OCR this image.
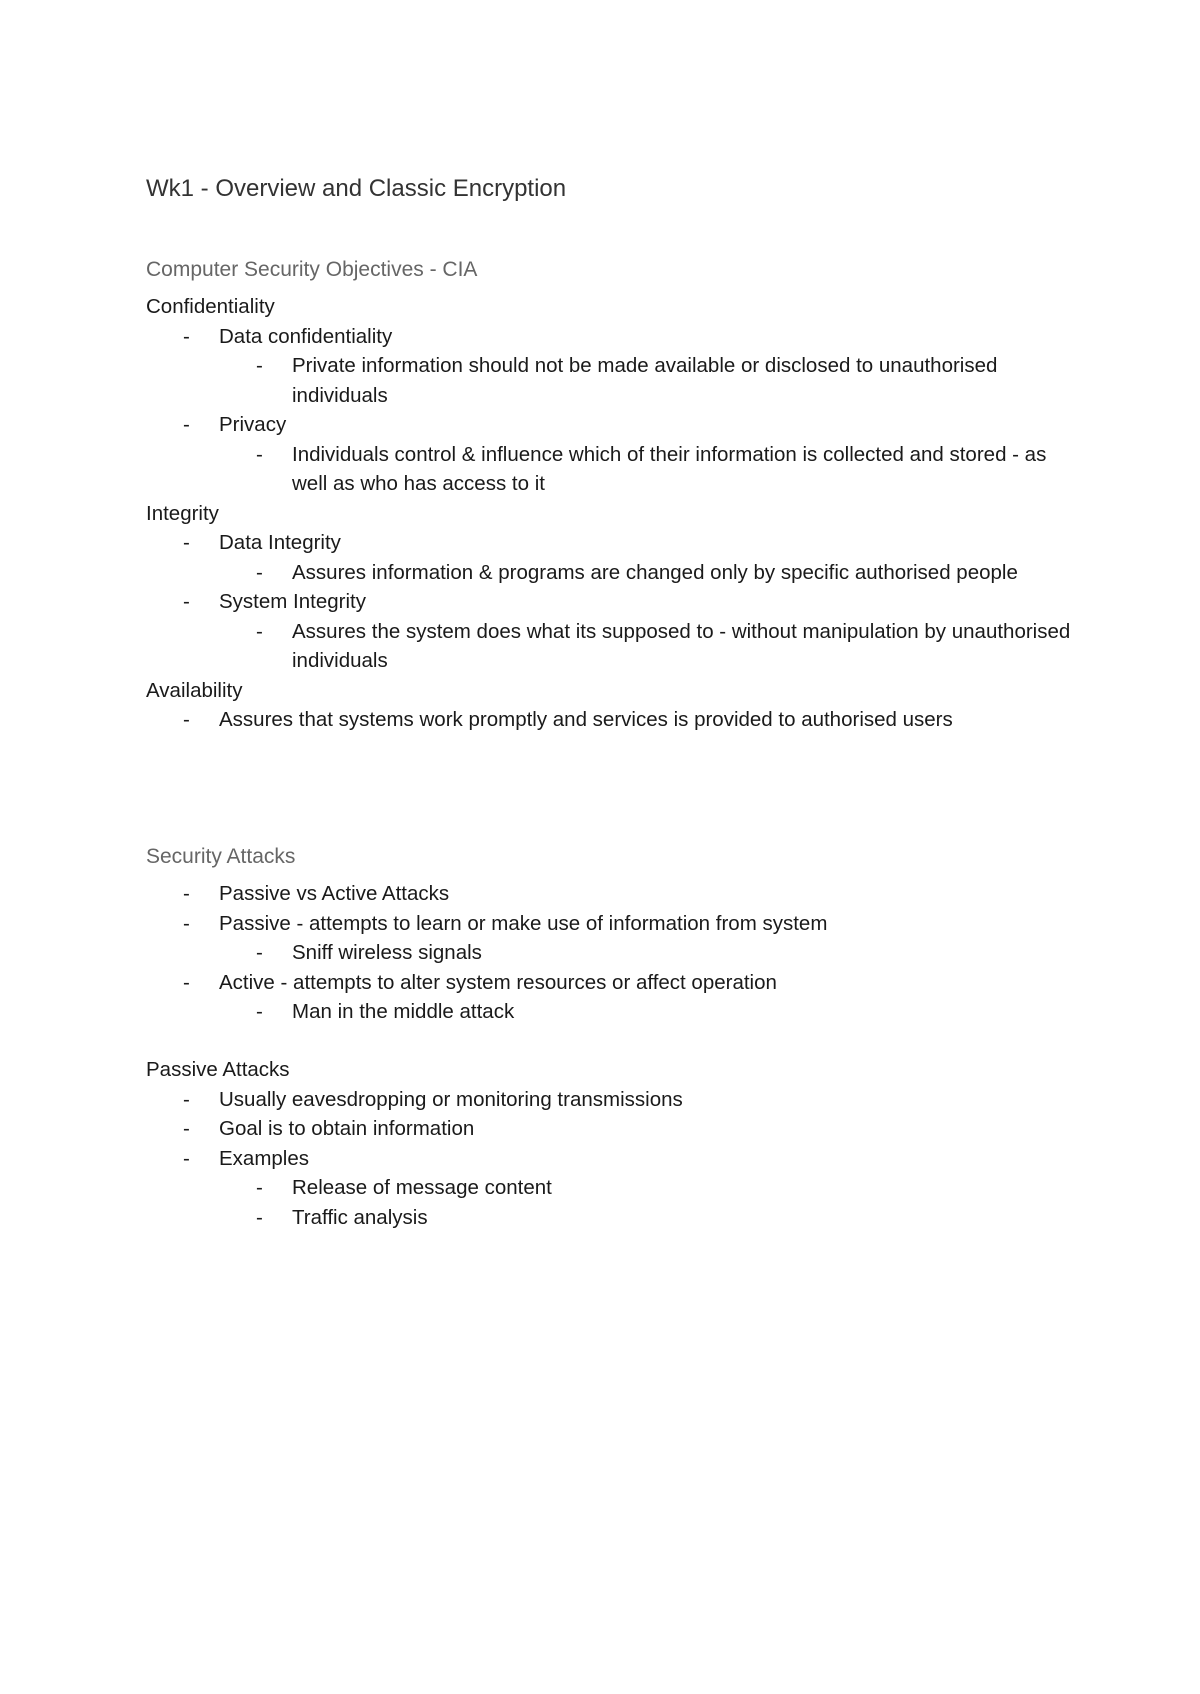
Wk1 - Overview and Classic Encryption
Computer Security Objectives - CIA
Confidentiality
- Data confidentiality
- Private information should not be made available or disclosed to unauthorised individuals
- Privacy
- Individuals control & influence which of their information is collected and stored - as well as who has access to it
Integrity
- Data Integrity
- Assures information & programs are changed only by specific authorised people
- System Integrity
- Assures the system does what its supposed to - without manipulation by unauthorised individuals
Availability
- Assures that systems work promptly and services is provided to authorised users
Security Attacks
- Passive vs Active Attacks
- Passive - attempts to learn or make use of information from system
- Sniff wireless signals
- Active - attempts to alter system resources or affect operation
- Man in the middle attack
Passive Attacks
- Usually eavesdropping or monitoring transmissions
- Goal is to obtain information
- Examples
- Release of message content
- Traffic analysis
